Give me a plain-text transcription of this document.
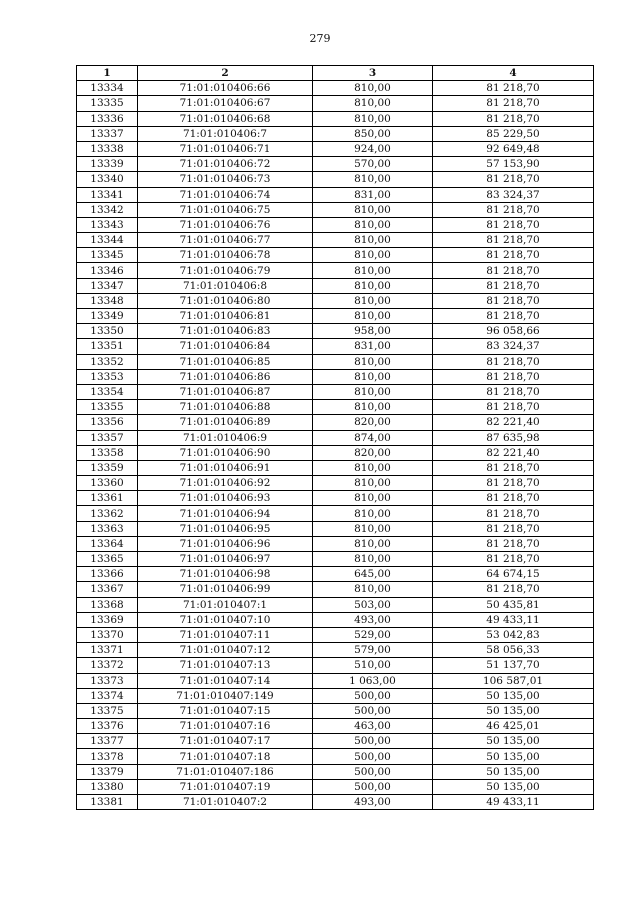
279
1	2	3	4
13334	71:01:010406:66	810,00	81 218,70
13335	71:01:010406:67	810,00	81 218,70
13336	71:01:010406:68	810,00	81 218,70
13337	71:01:010406:7	850,00	85 229,50
13338	71:01:010406:71	924,00	92 649,48
13339	71:01:010406:72	570,00	57 153,90
13340	71:01:010406:73	810,00	81 218,70
13341	71:01:010406:74	831,00	83 324,37
13342	71:01:010406:75	810,00	81 218,70
13343	71:01:010406:76	810,00	81 218,70
13344	71:01:010406:77	810,00	81 218,70
13345	71:01:010406:78	810,00	81 218,70
13346	71:01:010406:79	810,00	81 218,70
13347	71:01:010406:8	810,00	81 218,70
13348	71:01:010406:80	810,00	81 218,70
13349	71:01:010406:81	810,00	81 218,70
13350	71:01:010406:83	958,00	96 058,66
13351	71:01:010406:84	831,00	83 324,37
13352	71:01:010406:85	810,00	81 218,70
13353	71:01:010406:86	810,00	81 218,70
13354	71:01:010406:87	810,00	81 218,70
13355	71:01:010406:88	810,00	81 218,70
13356	71:01:010406:89	820,00	82 221,40
13357	71:01:010406:9	874,00	87 635,98
13358	71:01:010406:90	820,00	82 221,40
13359	71:01:010406:91	810,00	81 218,70
13360	71:01:010406:92	810,00	81 218,70
13361	71:01:010406:93	810,00	81 218,70
13362	71:01:010406:94	810,00	81 218,70
13363	71:01:010406:95	810,00	81 218,70
13364	71:01:010406:96	810,00	81 218,70
13365	71:01:010406:97	810,00	81 218,70
13366	71:01:010406:98	645,00	64 674,15
13367	71:01:010406:99	810,00	81 218,70
13368	71:01:010407:1	503,00	50 435,81
13369	71:01:010407:10	493,00	49 433,11
13370	71:01:010407:11	529,00	53 042,83
13371	71:01:010407:12	579,00	58 056,33
13372	71:01:010407:13	510,00	51 137,70
13373	71:01:010407:14	1 063,00	106 587,01
13374	71:01:010407:149	500,00	50 135,00
13375	71:01:010407:15	500,00	50 135,00
13376	71:01:010407:16	463,00	46 425,01
13377	71:01:010407:17	500,00	50 135,00
13378	71:01:010407:18	500,00	50 135,00
13379	71:01:010407:186	500,00	50 135,00
13380	71:01:010407:19	500,00	50 135,00
13381	71:01:010407:2	493,00	49 433,11
